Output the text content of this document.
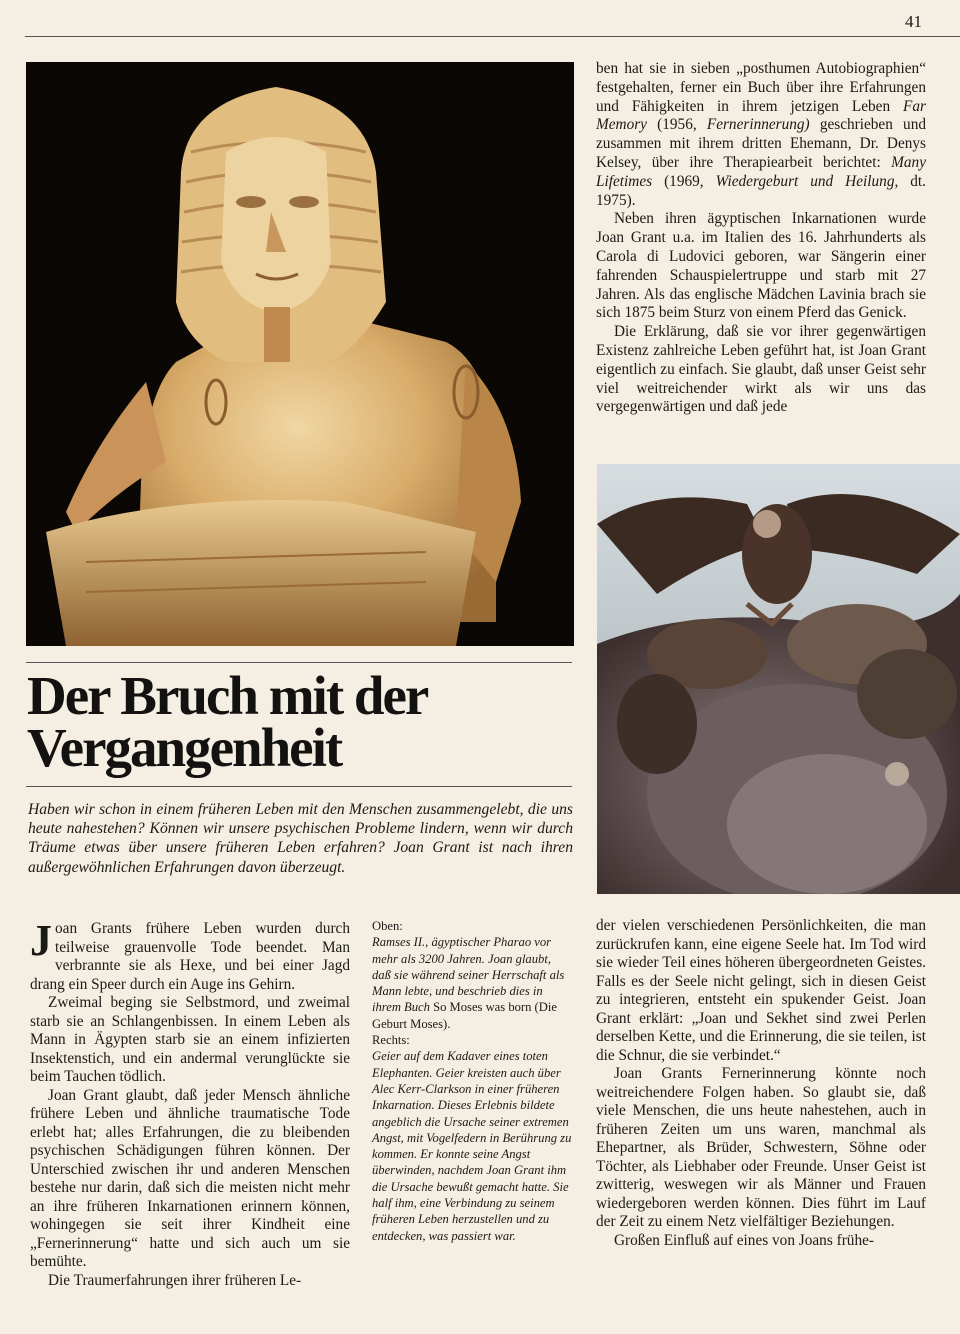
41

ben hat sie in sieben „posthumen Autobiographien“ festgehalten, ferner ein Buch über ihre Erfahrungen und Fähigkeiten in ihrem jetzigen Leben Far Memory (1956, Fernerinnerung) geschrieben und zusammen mit ihrem dritten Ehemann, Dr. Denys Kelsey, über ihre Therapiearbeit berichtet: Many Lifetimes (1969, Wiedergeburt und Heilung, dt. 1975).

Neben ihren ägyptischen Inkarnationen wurde Joan Grant u.a. im Italien des 16. Jahrhunderts als Carola di Ludovici geboren, war Sängerin einer fahrenden Schauspielertruppe und starb mit 27 Jahren. Als das englische Mädchen Lavinia brach sie sich 1875 beim Sturz von einem Pferd das Genick.

Die Erklärung, daß sie vor ihrer gegenwärtigen Existenz zahlreiche Leben geführt hat, ist Joan Grant eigentlich zu einfach. Sie glaubt, daß unser Geist sehr viel weitreichender wirkt als wir uns das vergegenwärtigen und daß jede

Der Bruch mit der
Vergangenheit
Haben wir schon in einem früheren Leben mit den Menschen zusammengelebt, die uns heute nahestehen? Können wir unsere psychischen Probleme lindern, wenn wir durch Träume etwas über unsere früheren Leben erfahren? Joan Grant ist nach ihren außergewöhnlichen Erfahrungen davon überzeugt.

Joan Grants frühere Leben wurden durch teilweise grauenvolle Tode beendet. Man verbrannte sie als Hexe, und bei einer Jagd drang ein Speer durch ein Auge ins Gehirn.

Zweimal beging sie Selbstmord, und zweimal starb sie an Schlangenbissen. In einem Leben als Mann in Ägypten starb sie an einem infizierten Insektenstich, und ein andermal verunglückte sie beim Tauchen tödlich.

Joan Grant glaubt, daß jeder Mensch ähnliche frühere Leben und ähnliche traumatische Tode erlebt hat; alles Erfahrungen, die zu bleibenden psychischen Schädigungen führen können. Der Unterschied zwischen ihr und anderen Menschen bestehe nur darin, daß sich die meisten nicht mehr an ihre früheren Inkarnationen erinnern können, wohingegen sie seit ihrer Kindheit eine „Fernerinnerung“ hatte und sich auch um sie bemühte.

Die Traumerfahrungen ihrer früheren Le-

Oben:
Ramses II., ägyptischer Pharao vor mehr als 3200 Jahren. Joan glaubt, daß sie während seiner Herrschaft als Mann lebte, und beschrieb dies in ihrem Buch So Moses was born (Die Geburt Moses).
Rechts:
Geier auf dem Kadaver eines toten Elephanten. Geier kreisten auch über Alec Kerr-Clarkson in einer früheren Inkarnation. Dieses Erlebnis bildete angeblich die Ursache seiner extremen Angst, mit Vogelfedern in Berührung zu kommen. Er konnte seine Angst überwinden, nachdem Joan Grant ihm die Ursache bewußt gemacht hatte. Sie half ihm, eine Verbindung zu seinem früheren Leben herzustellen und zu entdecken, was passiert war.

der vielen verschiedenen Persönlichkeiten, die man zurückrufen kann, eine eigene Seele hat. Im Tod wird sie wieder Teil eines höheren übergeordneten Geistes. Falls es der Seele nicht gelingt, sich in diesen Geist zu integrieren, entsteht ein spukender Geist. Joan Grant erklärt: „Joan und Sekhet sind zwei Perlen derselben Kette, und die Erinnerung, die sie teilen, ist die Schnur, die sie verbindet.“

Joan Grants Fernerinnerung könnte noch weitreichendere Folgen haben. So glaubt sie, daß viele Menschen, die uns heute nahestehen, auch in früheren Zeiten um uns waren, manchmal als Ehepartner, als Brüder, Schwestern, Söhne oder Töchter, als Liebhaber oder Freunde. Unser Geist ist zwitterig, weswegen wir als Männer und Frauen wiedergeboren werden können. Dies führt im Lauf der Zeit zu einem Netz vielfältiger Beziehungen.

Großen Einfluß auf eines von Joans frühe-
